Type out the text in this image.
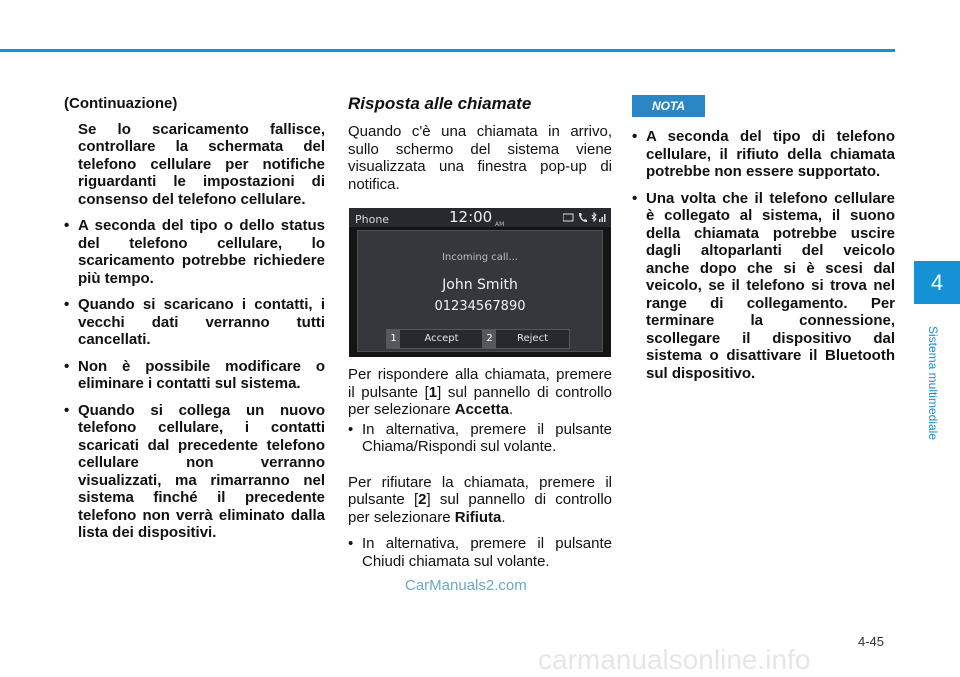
(Continuazione)
Se lo scaricamento fallisce, controllare la schermata del telefono cellulare per notifiche riguardanti le impostazioni di consenso del telefono cellulare.
• A seconda del tipo o dello status del telefono cellulare, lo scaricamento potrebbe richiedere più tempo.
• Quando si scaricano i contatti, i vecchi dati verranno tutti cancellati.
• Non è possibile modificare o eliminare i contatti sul sistema.
• Quando si collega un nuovo telefono cellulare, i contatti scaricati dal precedente telefono cellulare non verranno visualizzati, ma rimarranno nel sistema finché il precedente telefono non verrà eliminato dalla lista dei dispositivi.
Risposta alle chiamate
Quando c'è una chiamata in arrivo, sullo schermo del sistema viene visualizzata una finestra pop-up di notifica.
Phone	12:00 AM
Incoming call...
John Smith
01234567890
1	Accept	2	Reject
Per rispondere alla chiamata, premere il pulsante [1] sul pannello di controllo per selezionare Accetta.
• In alternativa, premere il pulsante Chiama/Rispondi sul volante.
Per rifiutare la chiamata, premere il pulsante [2] sul pannello di controllo per selezionare Rifiuta.
• In alternativa, premere il pulsante Chiudi chiamata sul volante.
NOTA
• A seconda del tipo di telefono cellulare, il rifiuto della chiamata potrebbe non essere supportato.
• Una volta che il telefono cellulare è collegato al sistema, il suono della chiamata potrebbe uscire dagli altoparlanti del veicolo anche dopo che si è scesi dal veicolo, se il telefono si trova nel range di collegamento. Per terminare la connessione, scollegare il dispositivo dal sistema o disattivare il Bluetooth sul dispositivo.
4
Sistema multimediale
CarManuals2.com
4-45
carmanualsonline.info
